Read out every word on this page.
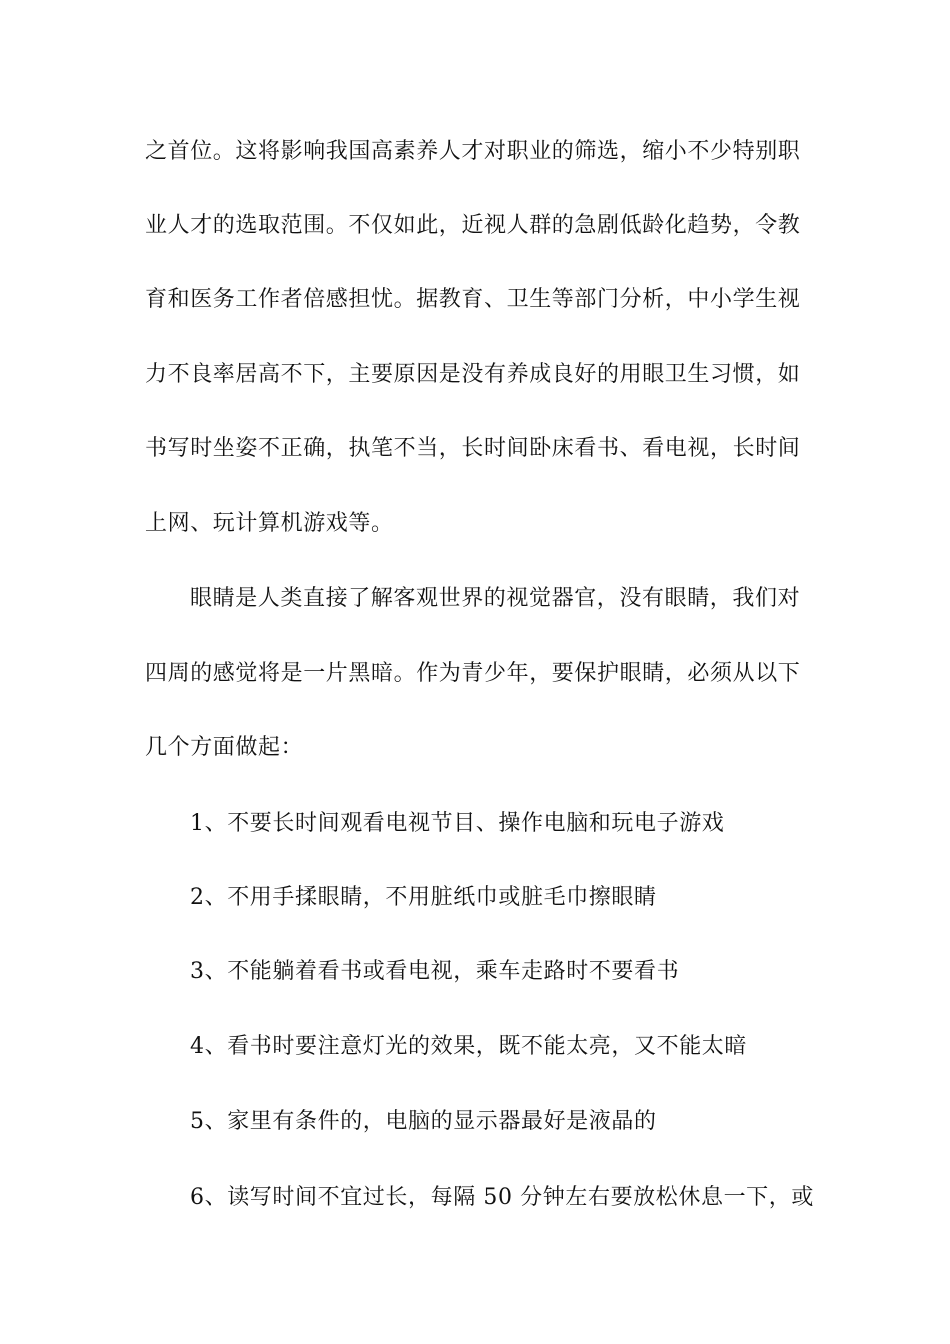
之首位。这将影响我国高素养人才对职业的筛选，缩小不少特别职
业人才的选取范围。不仅如此，近视人群的急剧低龄化趋势，令教
育和医务工作者倍感担忧。据教育、卫生等部门分析，中小学生视
力不良率居高不下，主要原因是没有养成良好的用眼卫生习惯，如
书写时坐姿不正确，执笔不当，长时间卧床看书、看电视，长时间
上网、玩计算机游戏等。
眼睛是人类直接了解客观世界的视觉器官，没有眼睛，我们对
四周的感觉将是一片黑暗。作为青少年，要保护眼睛，必须从以下
几个方面做起：
1、不要长时间观看电视节目、操作电脑和玩电子游戏
2、不用手揉眼睛，不用脏纸巾或脏毛巾擦眼睛
3、不能躺着看书或看电视，乘车走路时不要看书
4、看书时要注意灯光的效果，既不能太亮，又不能太暗
5、家里有条件的，电脑的显示器最好是液晶的
6、读写时间不宜过长，每隔 50 分钟左右要放松休息一下，或
